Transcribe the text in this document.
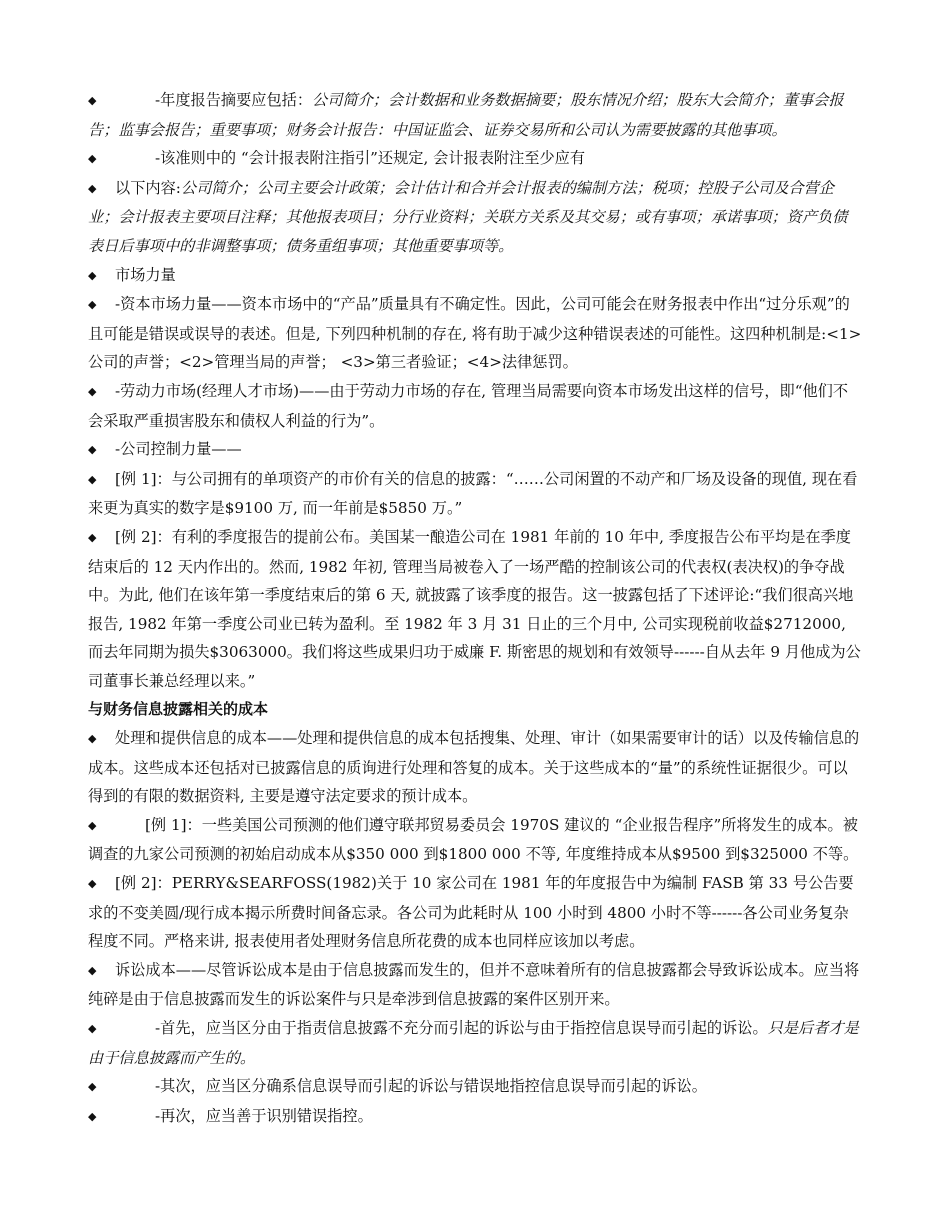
◆	-年度报告摘要应包括：公司简介；会计数据和业务数据摘要；股东情况介绍；股东大会简介；董事会报告；监事会报告；重要事项；财务会计报告：中国证监会、证券交易所和公司认为需要披露的其他事项。

◆	-该准则中的 “会计报表附注指引”还规定, 会计报表附注至少应有

◆ 以下内容:公司简介；公司主要会计政策；会计估计和合并会计报表的编制方法；税项；控股子公司及合营企业；会计报表主要项目注释；其他报表项目；分行业资料；关联方关系及其交易；或有事项；承诺事项；资产负债表日后事项中的非调整事项；债务重组事项；其他重要事项等。

◆ 市场力量

◆ -资本市场力量——资本市场中的“产品”质量具有不确定性。因此，公司可能会在财务报表中作出“过分乐观”的且可能是错误或误导的表述。但是, 下列四种机制的存在, 将有助于减少这种错误表述的可能性。这四种机制是:<1>公司的声誉；<2>管理当局的声誉； <3>第三者验证；<4>法律惩罚。

◆ -劳动力市场(经理人才市场)——由于劳动力市场的存在, 管理当局需要向资本市场发出这样的信号，即“他们不会采取严重损害股东和债权人利益的行为”。

◆ -公司控制力量——

◆ [例 1]：与公司拥有的单项资产的市价有关的信息的披露：“……公司闲置的不动产和厂场及设备的现值, 现在看来更为真实的数字是$9100 万, 而一年前是$5850 万。”

◆ [例 2]：有利的季度报告的提前公布。美国某一酿造公司在 1981 年前的 10 年中, 季度报告公布平均是在季度结束后的 12 天内作出的。然而, 1982 年初, 管理当局被卷入了一场严酷的控制该公司的代表权(表决权)的争夺战中。为此, 他们在该年第一季度结束后的第 6 天, 就披露了该季度的报告。这一披露包括了下述评论:“我们很高兴地报告, 1982 年第一季度公司业已转为盈利。至 1982 年 3 月 31 日止的三个月中, 公司实现税前收益$2712000, 而去年同期为损失$3063000。我们将这些成果归功于威廉 F. 斯密思的规划和有效领导------自从去年 9 月他成为公司董事长兼总经理以来。”

与财务信息披露相关的成本

◆ 处理和提供信息的成本——处理和提供信息的成本包括搜集、处理、审计（如果需要审计的话）以及传输信息的成本。这些成本还包括对已披露信息的质询进行处理和答复的成本。关于这些成本的“量”的系统性证据很少。可以得到的有限的数据资料, 主要是遵守法定要求的预计成本。

◆	[例 1]：一些美国公司预测的他们遵守联邦贸易委员会 1970S 建议的 “企业报告程序”所将发生的成本。被调查的九家公司预测的初始启动成本从$350 000 到$1800 000 不等, 年度维持成本从$9500 到$325000 不等。

◆ [例 2]：PERRY&SEARFOSS(1982)关于 10 家公司在 1981 年的年度报告中为编制 FASB 第 33 号公告要求的不变美圆/现行成本揭示所费时间备忘录。各公司为此耗时从 100 小时到 4800 小时不等------各公司业务复杂程度不同。严格来讲, 报表使用者处理财务信息所花费的成本也同样应该加以考虑。

◆ 诉讼成本——尽管诉讼成本是由于信息披露而发生的，但并不意味着所有的信息披露都会导致诉讼成本。应当将纯碎是由于信息披露而发生的诉讼案件与只是牵涉到信息披露的案件区别开来。

◆	-首先，应当区分由于指责信息披露不充分而引起的诉讼与由于指控信息误导而引起的诉讼。只是后者才是由于信息披露而产生的。

◆	-其次，应当区分确系信息误导而引起的诉讼与错误地指控信息误导而引起的诉讼。

◆	-再次，应当善于识别错误指控。
